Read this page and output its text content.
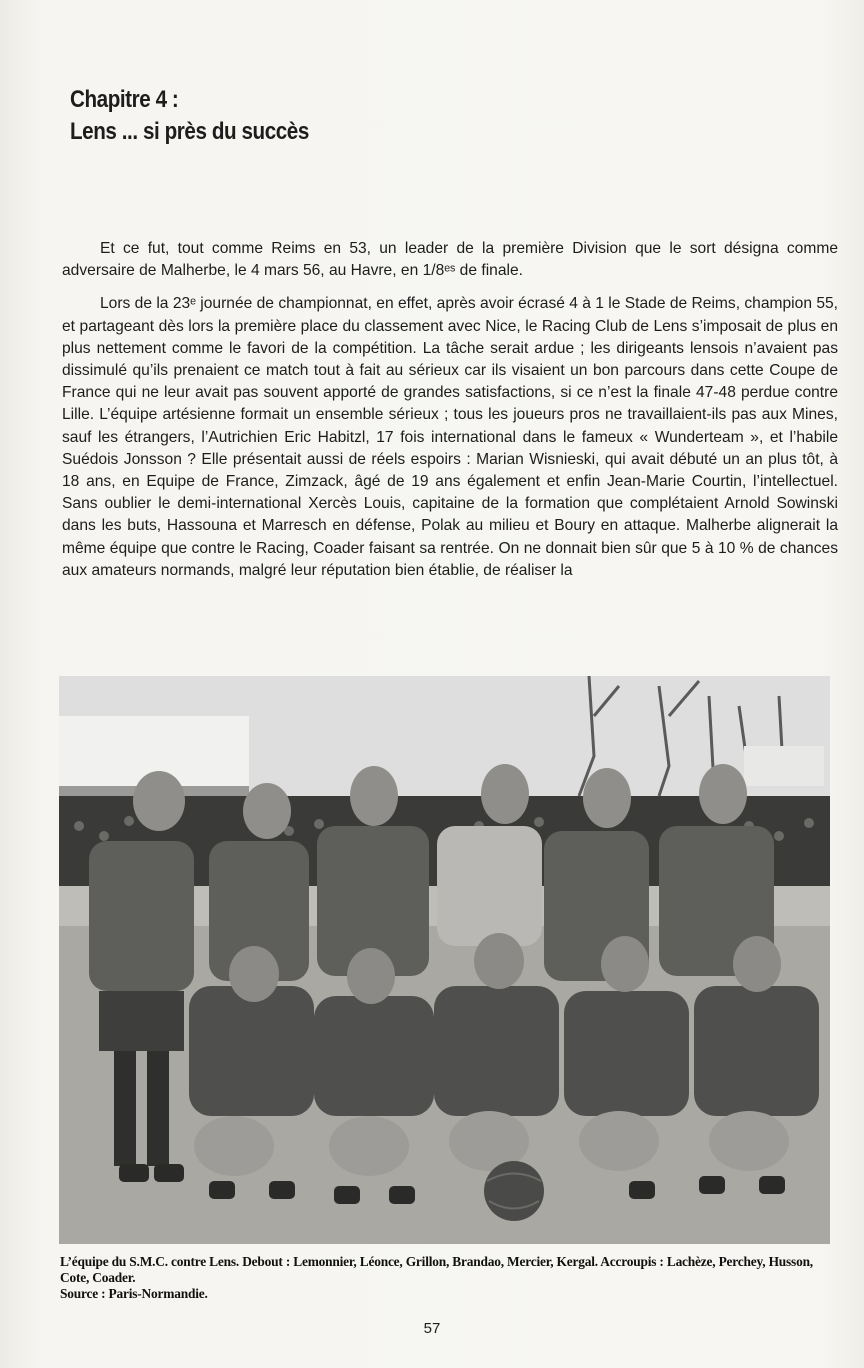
Chapitre 4 :
Lens ... si près du succès

Et ce fut, tout comme Reims en 53, un leader de la première Division que le sort désigna comme adversaire de Malherbe, le 4 mars 56, au Havre, en 1/8ᵉˢ de finale.

Lors de la 23ᵉ journée de championnat, en effet, après avoir écrasé 4 à 1 le Stade de Reims, champion 55, et partageant dès lors la première place du classement avec Nice, le Racing Club de Lens s’imposait de plus en plus nettement comme le favori de la compétition. La tâche serait ardue ; les dirigeants lensois n’avaient pas dissimulé qu’ils prenaient ce match tout à fait au sérieux car ils visaient un bon parcours dans cette Coupe de France qui ne leur avait pas souvent apporté de grandes satisfactions, si ce n’est la finale 47-48 perdue contre Lille. L’équipe artésienne formait un ensemble sérieux ; tous les joueurs pros ne travaillaient-ils pas aux Mines, sauf les étrangers, l’Autrichien Eric Habitzl, 17 fois international dans le fameux « Wunderteam », et l’habile Suédois Jonsson ? Elle présentait aussi de réels espoirs : Marian Wisnieski, qui avait débuté un an plus tôt, à 18 ans, en Equipe de France, Zimzack, âgé de 19 ans également et enfin Jean-Marie Courtin, l’intellectuel. Sans oublier le demi-international Xercès Louis, capitaine de la formation que complétaient Arnold Sowinski dans les buts, Hassouna et Marresch en défense, Polak au milieu et Boury en attaque. Malherbe alignerait la même équipe que contre le Racing, Coader faisant sa rentrée. On ne donnait bien sûr que 5 à 10 % de chances aux amateurs normands, malgré leur réputation bien établie, de réaliser la

L’équipe du S.M.C. contre Lens. Debout : Lemonnier, Léonce, Grillon, Brandao, Mercier, Kergal. Accroupis : Lachèze, Perchey, Husson, Cote, Coader.
Source : Paris-Normandie.

57
